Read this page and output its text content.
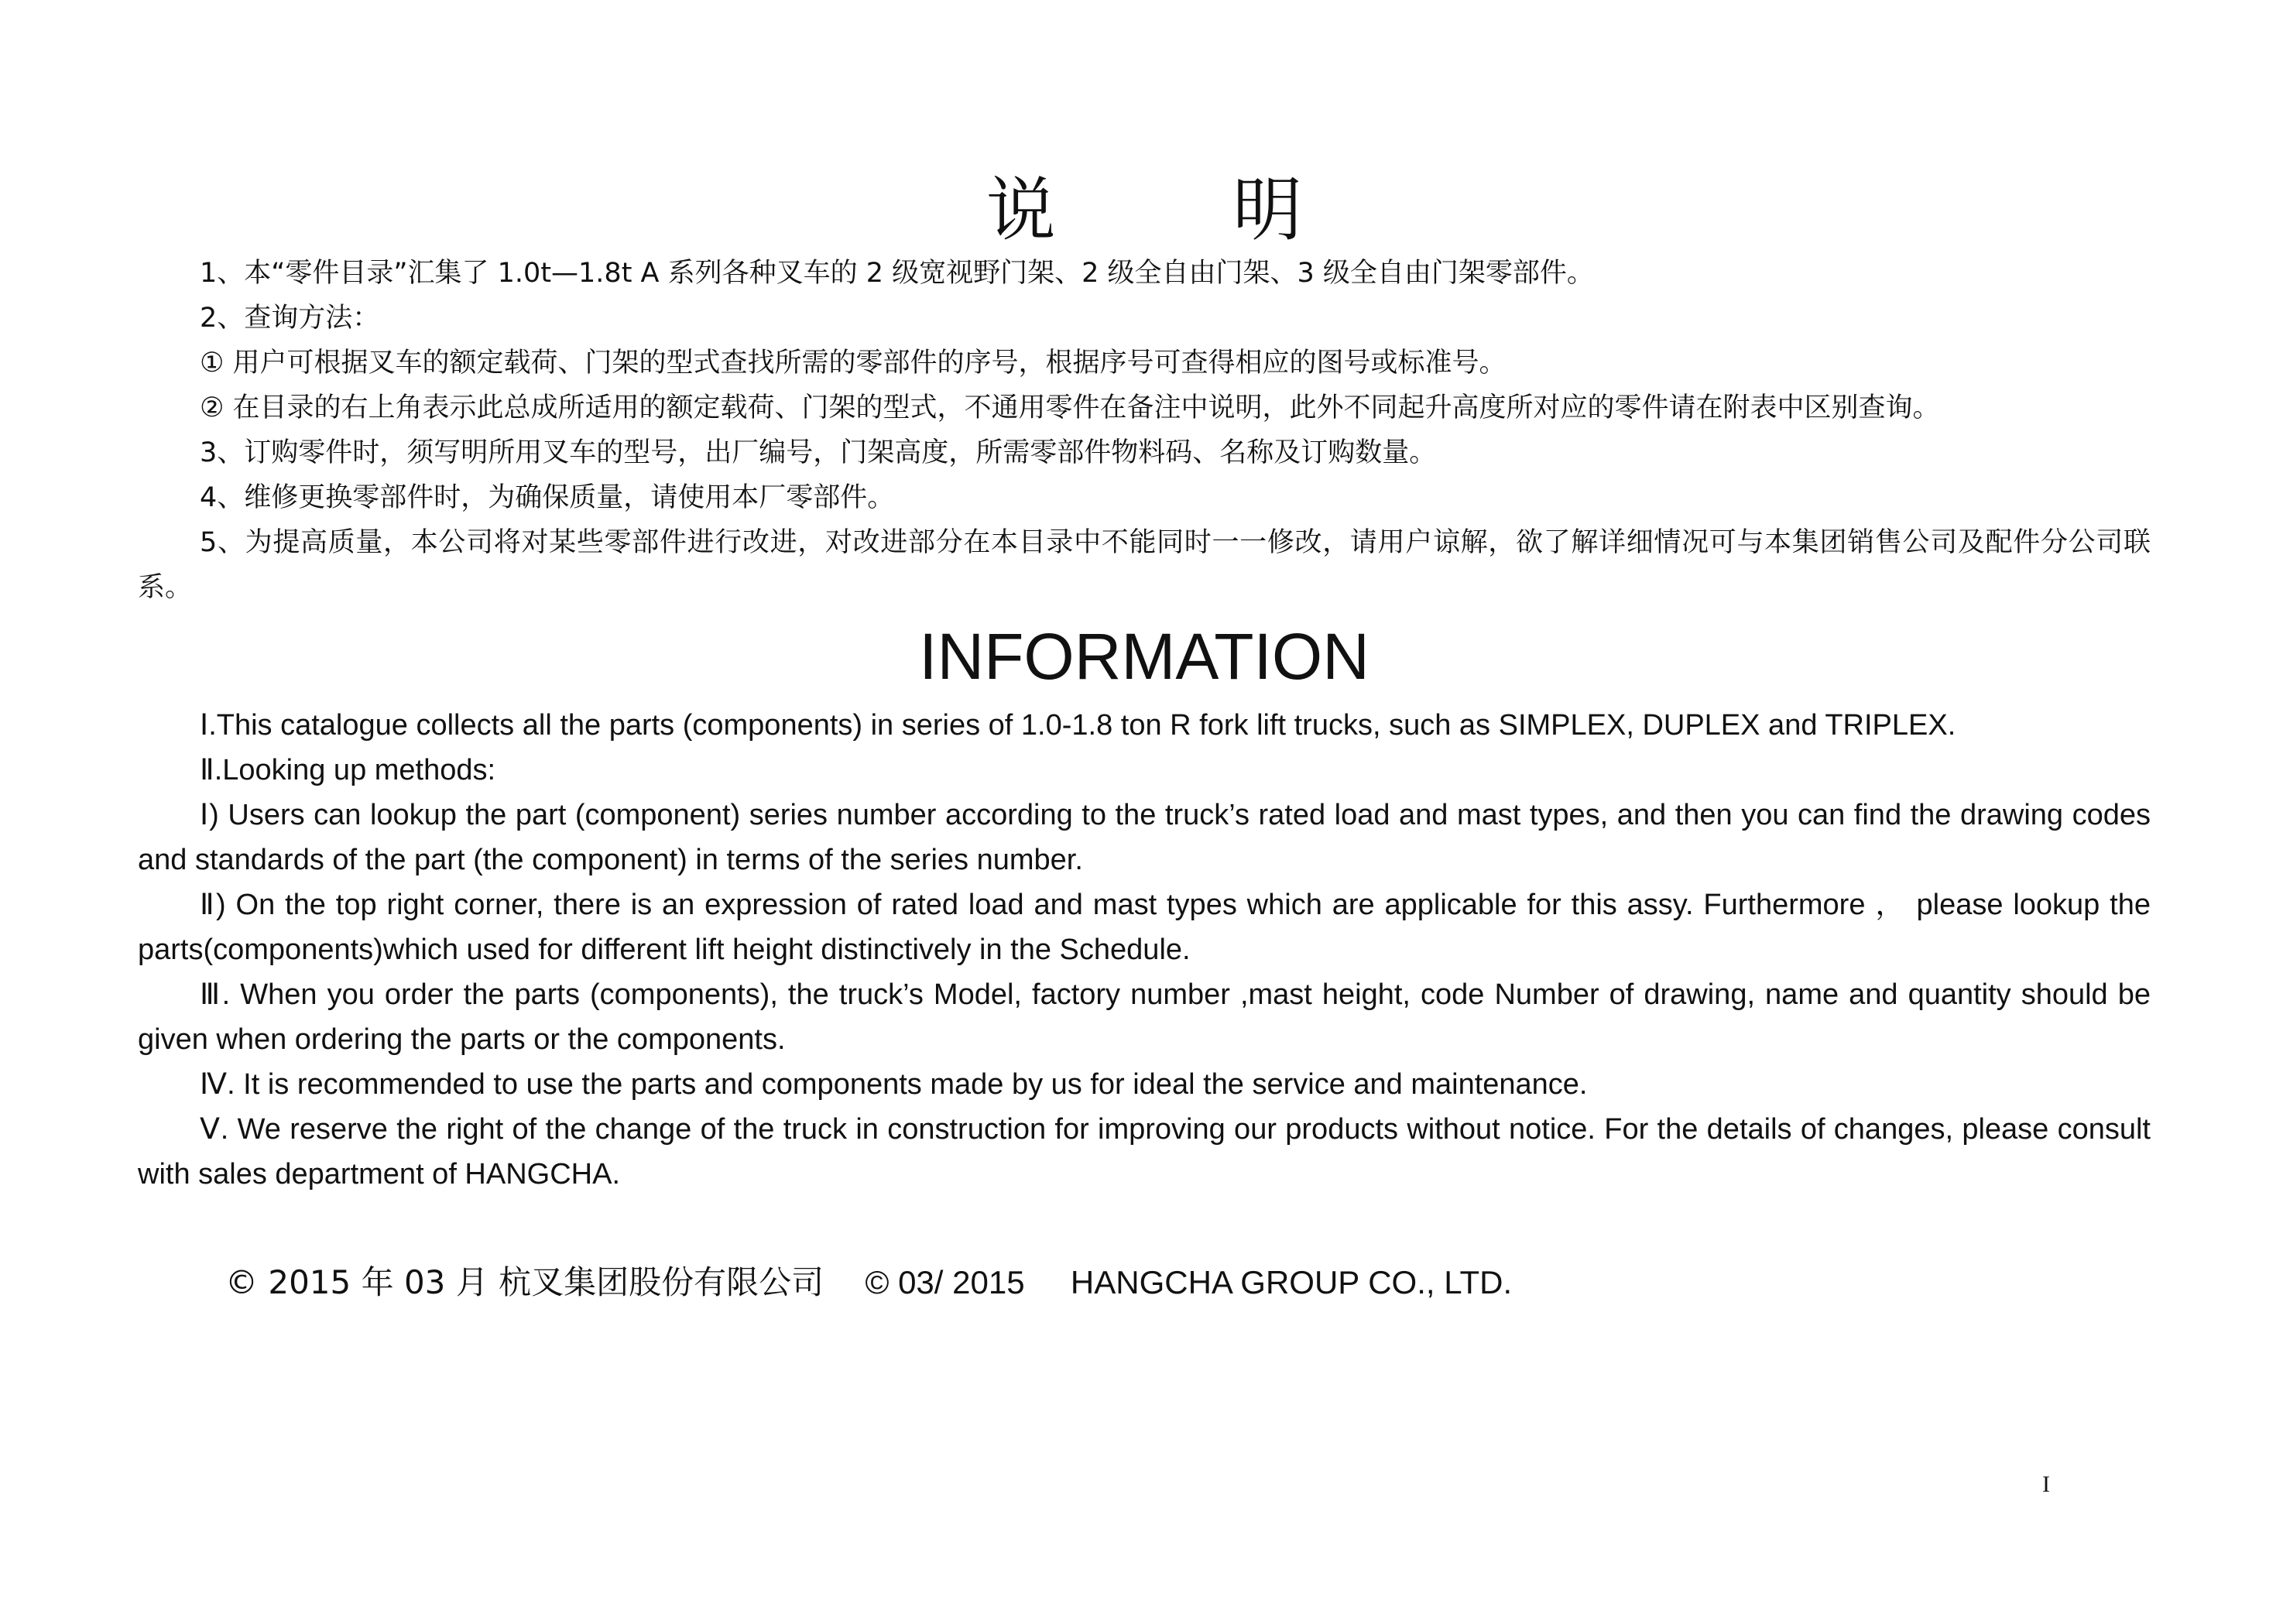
说 明

1、本“零件目录”汇集了 1.0t—1.8t A 系列各种叉车的 2 级宽视野门架、2 级全自由门架、3 级全自由门架零部件。

2、查询方法：

① 用户可根据叉车的额定载荷、门架的型式查找所需的零部件的序号，根据序号可查得相应的图号或标准号。

② 在目录的右上角表示此总成所适用的额定载荷、门架的型式，不通用零件在备注中说明，此外不同起升高度所对应的零件请在附表中区别查询。

3、订购零件时，须写明所用叉车的型号，出厂编号，门架高度，所需零部件物料码、名称及订购数量。

4、维修更换零部件时，为确保质量，请使用本厂零部件。

5、为提高质量，本公司将对某些零部件进行改进，对改进部分在本目录中不能同时一一修改，请用户谅解，欲了解详细情况可与本集团销售公司及配件分公司联系。

INFORMATION

Ⅰ.This catalogue collects all the parts (components) in series of 1.0-1.8 ton R fork lift trucks, such as SIMPLEX, DUPLEX and TRIPLEX.

Ⅱ.Looking up methods:

Ⅰ) Users can lookup the part (component) series number according to the truck’s rated load and mast types, and then you can find the drawing codes and standards of the part (the component) in terms of the series number.

Ⅱ) On the top right corner, there is an expression of rated load and mast types which are applicable for this assy. Furthermore ， please lookup the parts(components)which used for different lift height distinctively in the Schedule.

Ⅲ. When you order the parts (components), the truck’s Model, factory number ,mast height, code Number of drawing, name and quantity should be given when ordering the parts or the components.

Ⅳ. It is recommended to use the parts and components made by us for ideal the service and maintenance.

Ⅴ. We reserve the right of the change of the truck in construction for improving our products without notice. For the details of changes, please consult with sales department of HANGCHA.

© 2015 年 03 月 杭叉集团股份有限公司 © 03/ 2015 HANGCHA GROUP CO., LTD.
I
